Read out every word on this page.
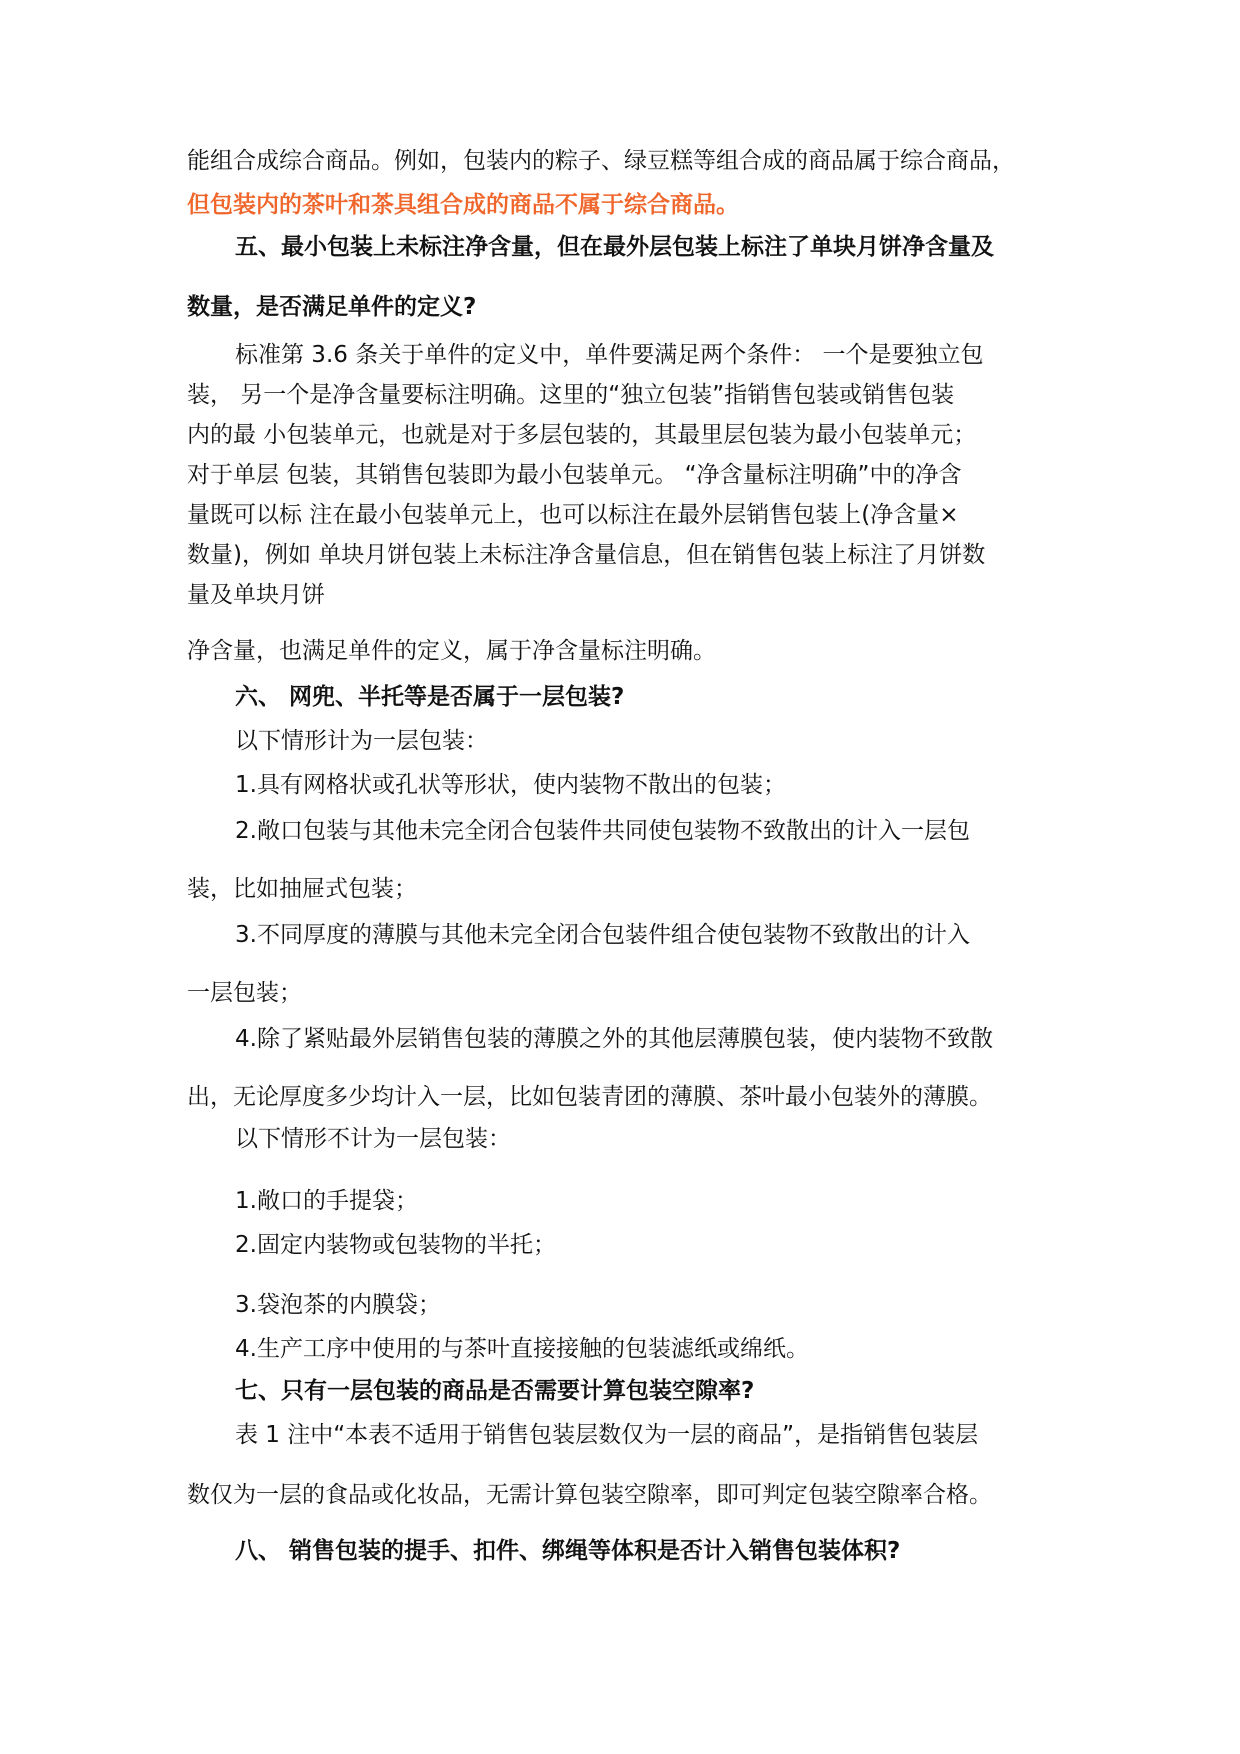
能组合成综合商品。例如，包装内的粽子、绿豆糕等组合成的商品属于综合商品，
但包装内的茶叶和茶具组合成的商品不属于综合商品。
五、最小包装上未标注净含量，但在最外层包装上标注了单块月饼净含量及
数量，是否满足单件的定义?
标准第 3.6 条关于单件的定义中，单件要满足两个条件： 一个是要独立包
装， 另一个是净含量要标注明确。这里的“独立包装”指销售包装或销售包装
内的最 小包装单元，也就是对于多层包装的，其最里层包装为最小包装单元；
对于单层 包装，其销售包装即为最小包装单元。 “净含量标注明确”中的净含
量既可以标 注在最小包装单元上，也可以标注在最外层销售包装上(净含量×
数量)，例如 单块月饼包装上未标注净含量信息，但在销售包装上标注了月饼数
量及单块月饼
净含量，也满足单件的定义，属于净含量标注明确。
六、 网兜、半托等是否属于一层包装?
以下情形计为一层包装：
1.具有网格状或孔状等形状，使内装物不散出的包装；
2.敞口包装与其他未完全闭合包装件共同使包装物不致散出的计入一层包
装，比如抽屉式包装；
3.不同厚度的薄膜与其他未完全闭合包装件组合使包装物不致散出的计入
一层包装；
4.除了紧贴最外层销售包装的薄膜之外的其他层薄膜包装，使内装物不致散
出，无论厚度多少均计入一层，比如包装青团的薄膜、茶叶最小包装外的薄膜。
以下情形不计为一层包装：
1.敞口的手提袋；
2.固定内装物或包装物的半托；
3.袋泡茶的内膜袋；
4.生产工序中使用的与茶叶直接接触的包装滤纸或绵纸。
七、只有一层包装的商品是否需要计算包装空隙率?
表 1 注中“本表不适用于销售包装层数仅为一层的商品”，是指销售包装层
数仅为一层的食品或化妆品，无需计算包装空隙率，即可判定包装空隙率合格。
八、 销售包装的提手、扣件、绑绳等体积是否计入销售包装体积?
